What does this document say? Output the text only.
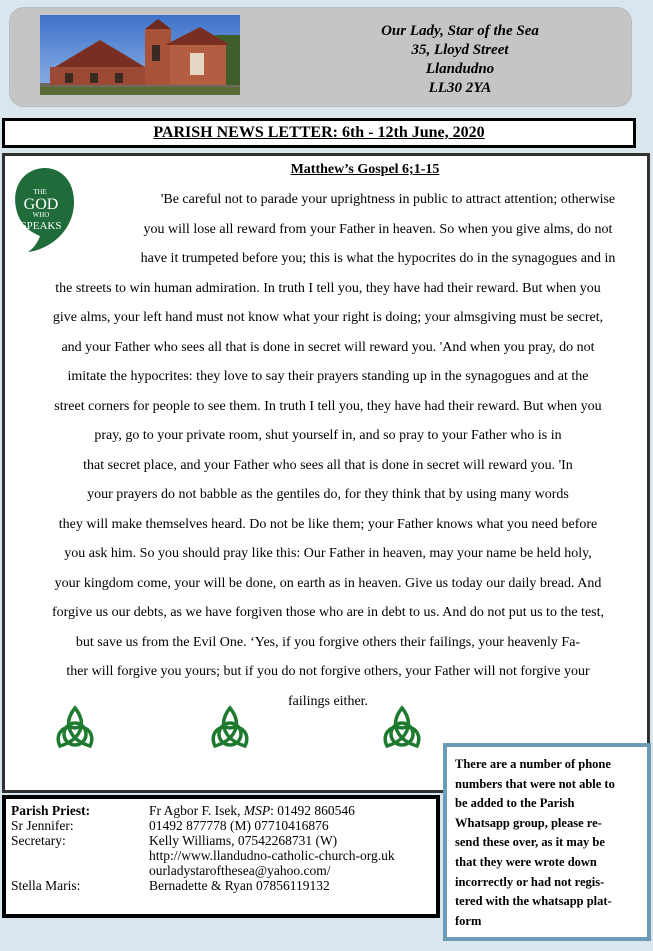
Our Lady, Star of the Sea
35, Lloyd Street
Llandudno
LL30 2YA
PARISH NEWS LETTER: 6th - 12th June, 2020
THE
GOD
WHO
SPEAKS
Matthew’s Gospel 6;1-15
'Be careful not to parade your uprightness in public to attract attention; otherwise
you will lose all reward from your Father in heaven. So when you give alms, do not
have it trumpeted before you; this is what the hypocrites do in the synagogues and in
the streets to win human admiration. In truth I tell you, they have had their reward. But when you
give alms, your left hand must not know what your right is doing; your almsgiving must be secret,
and your Father who sees all that is done in secret will reward you. 'And when you pray, do not
imitate the hypocrites: they love to say their prayers standing up in the synagogues and at the
street corners for people to see them. In truth I tell you, they have had their reward. But when you
pray, go to your private room, shut yourself in, and so pray to your Father who is in
that secret place, and your Father who sees all that is done in secret will reward you. 'In
your prayers do not babble as the gentiles do, for they think that by using many words
they will make themselves heard. Do not be like them; your Father knows what you need before
you ask him. So you should pray like this: Our Father in heaven, may your name be held holy,
your kingdom come, your will be done, on earth as in heaven. Give us today our daily bread. And
forgive us our debts, as we have forgiven those who are in debt to us. And do not put us to the test,
but save us from the Evil One. ‘Yes, if you forgive others their failings, your heavenly Fa-
ther will forgive you yours; but if you do not forgive others, your Father will not forgive your
failings either.
Parish Priest:	Fr Agbor F. Isek, MSP: 01492 860546
Sr Jennifer:	01492 877778 (M) 07710416876
Secretary:	Kelly Williams, 07542268731 (W)
http://www.llandudno-catholic-church-org.uk
ourladystaroftheseа@yahoo.com/
Stella Maris:	Bernadette & Ryan 07856119132
There are a number of phone
numbers that were not able to
be added to the Parish
Whatsapp group, please re-
send these over, as it may be
that they were wrote down
incorrectly or had not regis-
tered with the whatsapp plat-
form
